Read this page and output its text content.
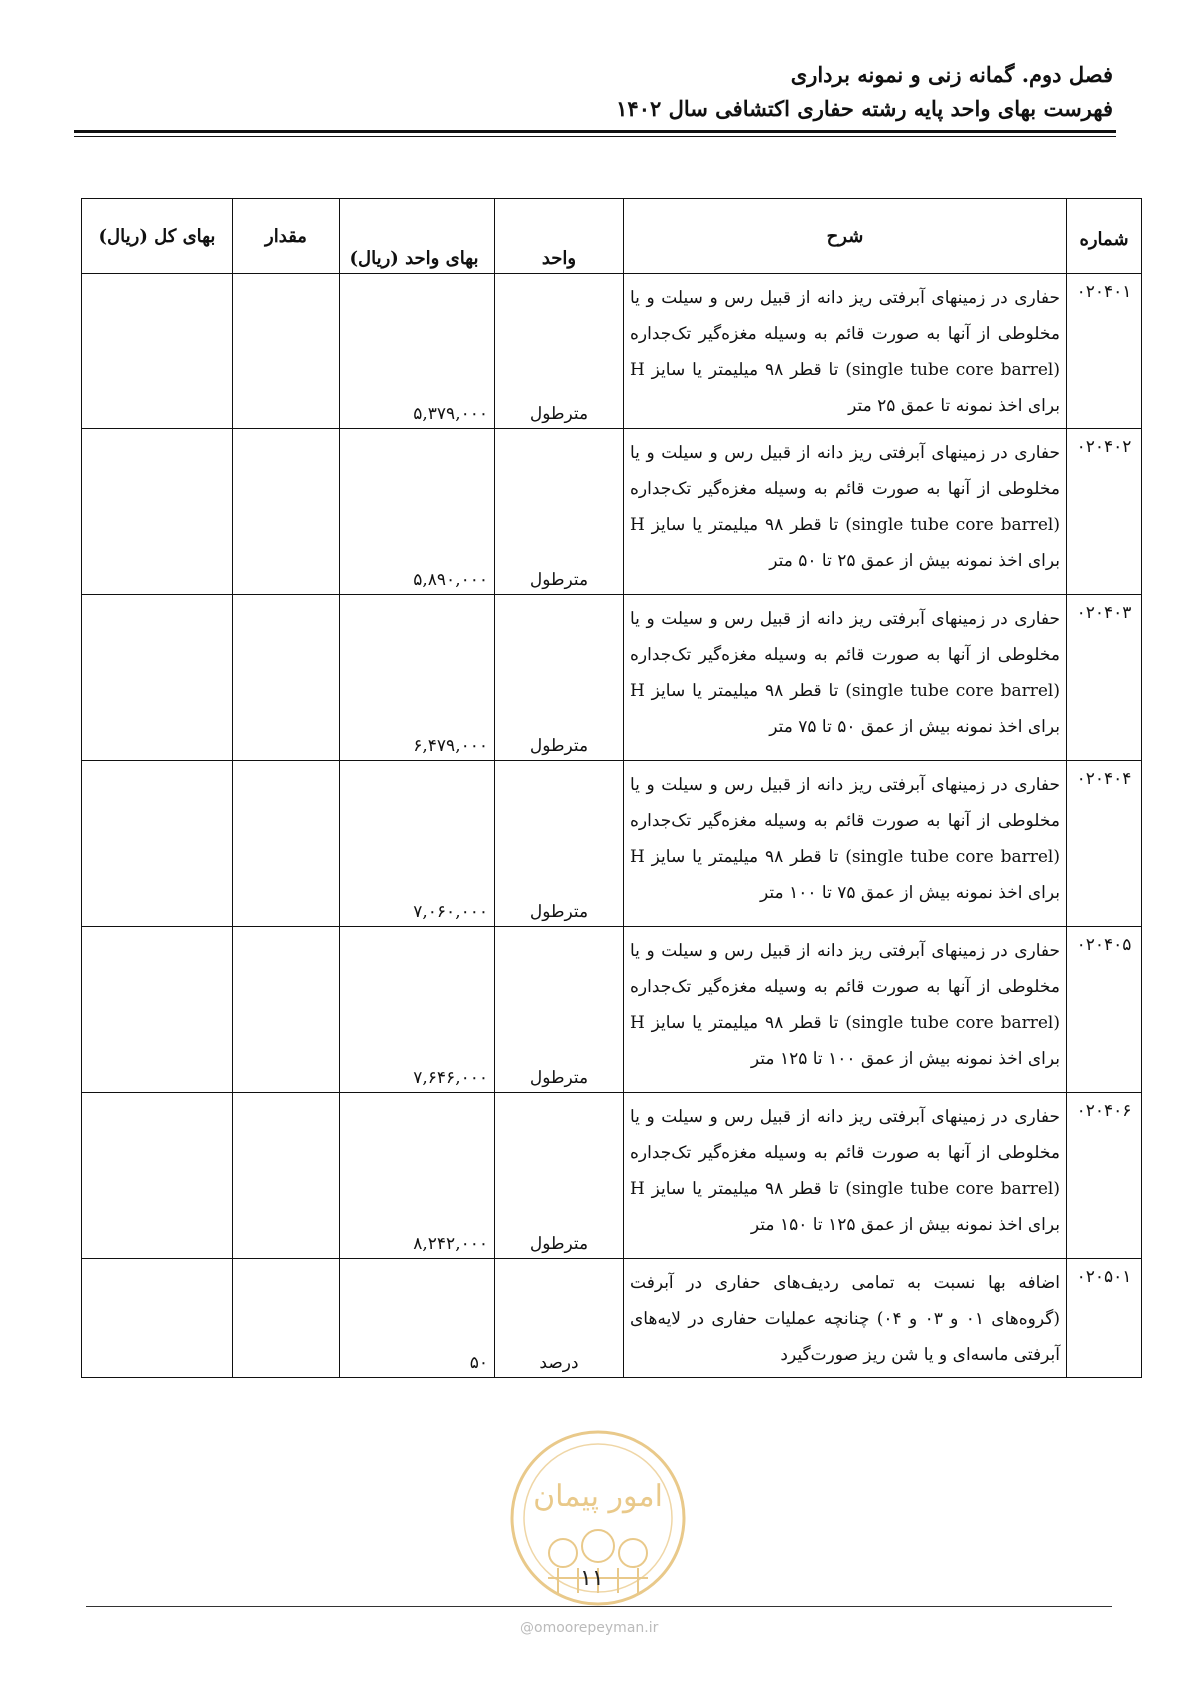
فصل دوم. گمانه زنی و نمونه برداری
فهرست بهای واحد پایه رشته حفاری اکتشافی سال ۱۴۰۲
شماره	شرح	واحد	بهای واحد (ریال)	مقدار	بهای کل (ریال)
۰۲۰۴۰۱	حفاری در زمینهای آبرفتی ریز دانه از قبیل رس و سیلت و یا مخلوطی از آنها به صورت قائم به وسیله مغزه‌گیر تک‌جداره (single tube core barrel) تا قطر ۹۸ میلیمتر یا سایز H برای اخذ نمونه تا عمق ۲۵ متر	مترطول	۵,۳۷۹,۰۰۰		
۰۲۰۴۰۲	حفاری در زمینهای آبرفتی ریز دانه از قبیل رس و سیلت و یا مخلوطی از آنها به صورت قائم به وسیله مغزه‌گیر تک‌جداره (single tube core barrel) تا قطر ۹۸ میلیمتر یا سایز H برای اخذ نمونه بیش از عمق ۲۵ تا ۵۰ متر	مترطول	۵,۸۹۰,۰۰۰		
۰۲۰۴۰۳	حفاری در زمینهای آبرفتی ریز دانه از قبیل رس و سیلت و یا مخلوطی از آنها به صورت قائم به وسیله مغزه‌گیر تک‌جداره (single tube core barrel) تا قطر ۹۸ میلیمتر یا سایز H برای اخذ نمونه بیش از عمق ۵۰ تا ۷۵ متر	مترطول	۶,۴۷۹,۰۰۰		
۰۲۰۴۰۴	حفاری در زمینهای آبرفتی ریز دانه از قبیل رس و سیلت و یا مخلوطی از آنها به صورت قائم به وسیله مغزه‌گیر تک‌جداره (single tube core barrel) تا قطر ۹۸ میلیمتر یا سایز H برای اخذ نمونه بیش از عمق ۷۵ تا ۱۰۰ متر	مترطول	۷,۰۶۰,۰۰۰		
۰۲۰۴۰۵	حفاری در زمینهای آبرفتی ریز دانه از قبیل رس و سیلت و یا مخلوطی از آنها به صورت قائم به وسیله مغزه‌گیر تک‌جداره (single tube core barrel) تا قطر ۹۸ میلیمتر یا سایز H برای اخذ نمونه بیش از عمق ۱۰۰ تا ۱۲۵ متر	مترطول	۷,۶۴۶,۰۰۰		
۰۲۰۴۰۶	حفاری در زمینهای آبرفتی ریز دانه از قبیل رس و سیلت و یا مخلوطی از آنها به صورت قائم به وسیله مغزه‌گیر تک‌جداره (single tube core barrel) تا قطر ۹۸ میلیمتر یا سایز H برای اخذ نمونه بیش از عمق ۱۲۵ تا ۱۵۰ متر	مترطول	۸,۲۴۲,۰۰۰		
۰۲۰۵۰۱	اضافه بها نسبت به تمامی ردیف‌های حفاری در آبرفت (گروه‌های ۰۱ و ۰۳ و ۰۴) چنانچه عملیات حفاری در لایه‌های آبرفتی ماسه‌ای و یا شن ریز صورت‌گیرد	درصد	۵۰		
امور پیمان
۱۱
@omoorepeyman.ir
